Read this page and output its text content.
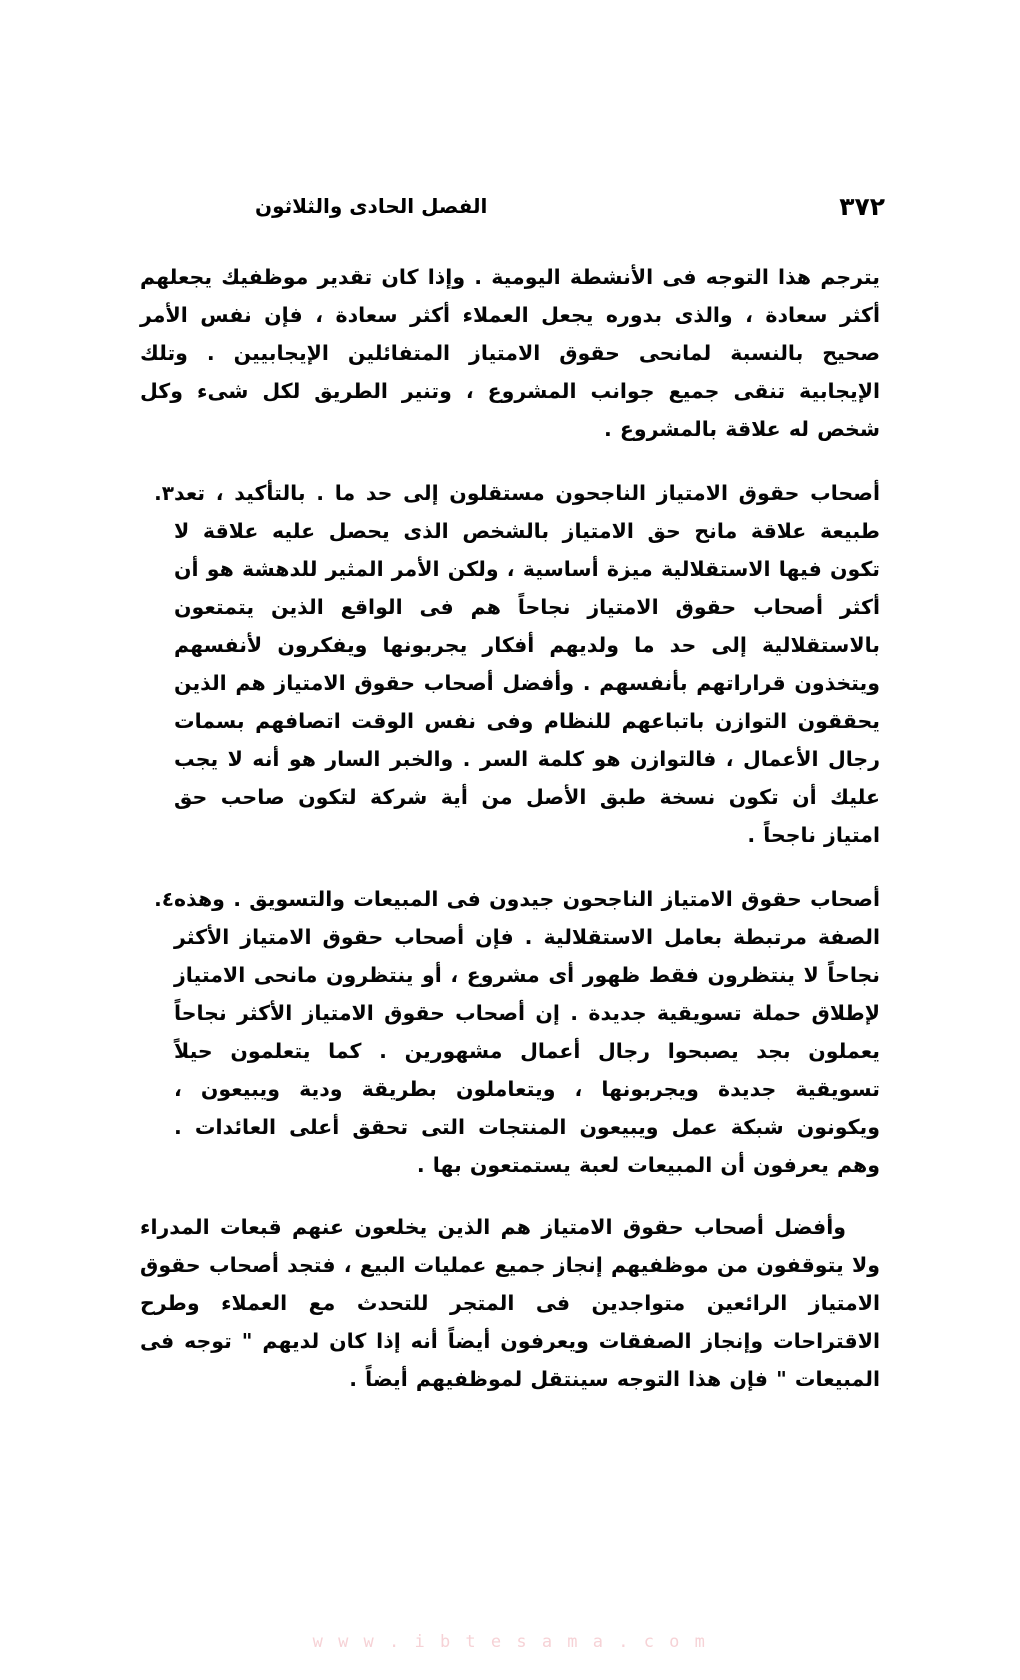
الفصل الحادى والثلاثون	٣٧٢

يترجم هذا التوجه فى الأنشطة اليومية . وإذا كان تقدير موظفيك يجعلهم أكثر سعادة ، والذى بدوره يجعل العملاء أكثر سعادة ، فإن نفس الأمر صحيح بالنسبة لمانحى حقوق الامتياز المتفائلين الإيجابيين . وتلك الإيجابية تنقى جميع جوانب المشروع ، وتنير الطريق لكل شىء وكل شخص له علاقة بالمشروع .

أصحاب حقوق الامتياز الناجحون مستقلون إلى حد ما . بالتأكيد ، تعد طبيعة علاقة مانح حق الامتياز بالشخص الذى يحصل عليه علاقة لا تكون فيها الاستقلالية ميزة أساسية ، ولكن الأمر المثير للدهشة هو أن أكثر أصحاب حقوق الامتياز نجاحاً هم فى الواقع الذين يتمتعون بالاستقلالية إلى حد ما ولديهم أفكار يجربونها ويفكرون لأنفسهم ويتخذون قراراتهم بأنفسهم . وأفضل أصحاب حقوق الامتياز هم الذين يحققون التوازن باتباعهم للنظام وفى نفس الوقت اتصافهم بسمات رجال الأعمال ، فالتوازن هو كلمة السر . والخبر السار هو أنه لا يجب عليك أن تكون نسخة طبق الأصل من أية شركة لتكون صاحب حق امتياز ناجحاً .
٣.
أصحاب حقوق الامتياز الناجحون جيدون فى المبيعات والتسويق . وهذه الصفة مرتبطة بعامل الاستقلالية . فإن أصحاب حقوق الامتياز الأكثر نجاحاً لا ينتظرون فقط ظهور أى مشروع ، أو ينتظرون مانحى الامتياز لإطلاق حملة تسويقية جديدة . إن أصحاب حقوق الامتياز الأكثر نجاحاً يعملون بجد يصبحوا رجال أعمال مشهورين . كما يتعلمون حيلاً تسويقية جديدة ويجربونها ، ويتعاملون بطريقة ودية ويبيعون ، ويكونون شبكة عمل ويبيعون المنتجات التى تحقق أعلى العائدات . وهم يعرفون أن المبيعات لعبة يستمتعون بها .
٤.

وأفضل أصحاب حقوق الامتياز هم الذين يخلعون عنهم قبعات المدراء ولا يتوقفون من موظفيهم إنجاز جميع عمليات البيع ، فتجد أصحاب حقوق الامتياز الرائعين متواجدين فى المتجر للتحدث مع العملاء وطرح الاقتراحات وإنجاز الصفقات ويعرفون أيضاً أنه إذا كان لديهم " توجه فى المبيعات " فإن هذا التوجه سينتقل لموظفيهم أيضاً .

w w w . i b t e s a m a . c o m
